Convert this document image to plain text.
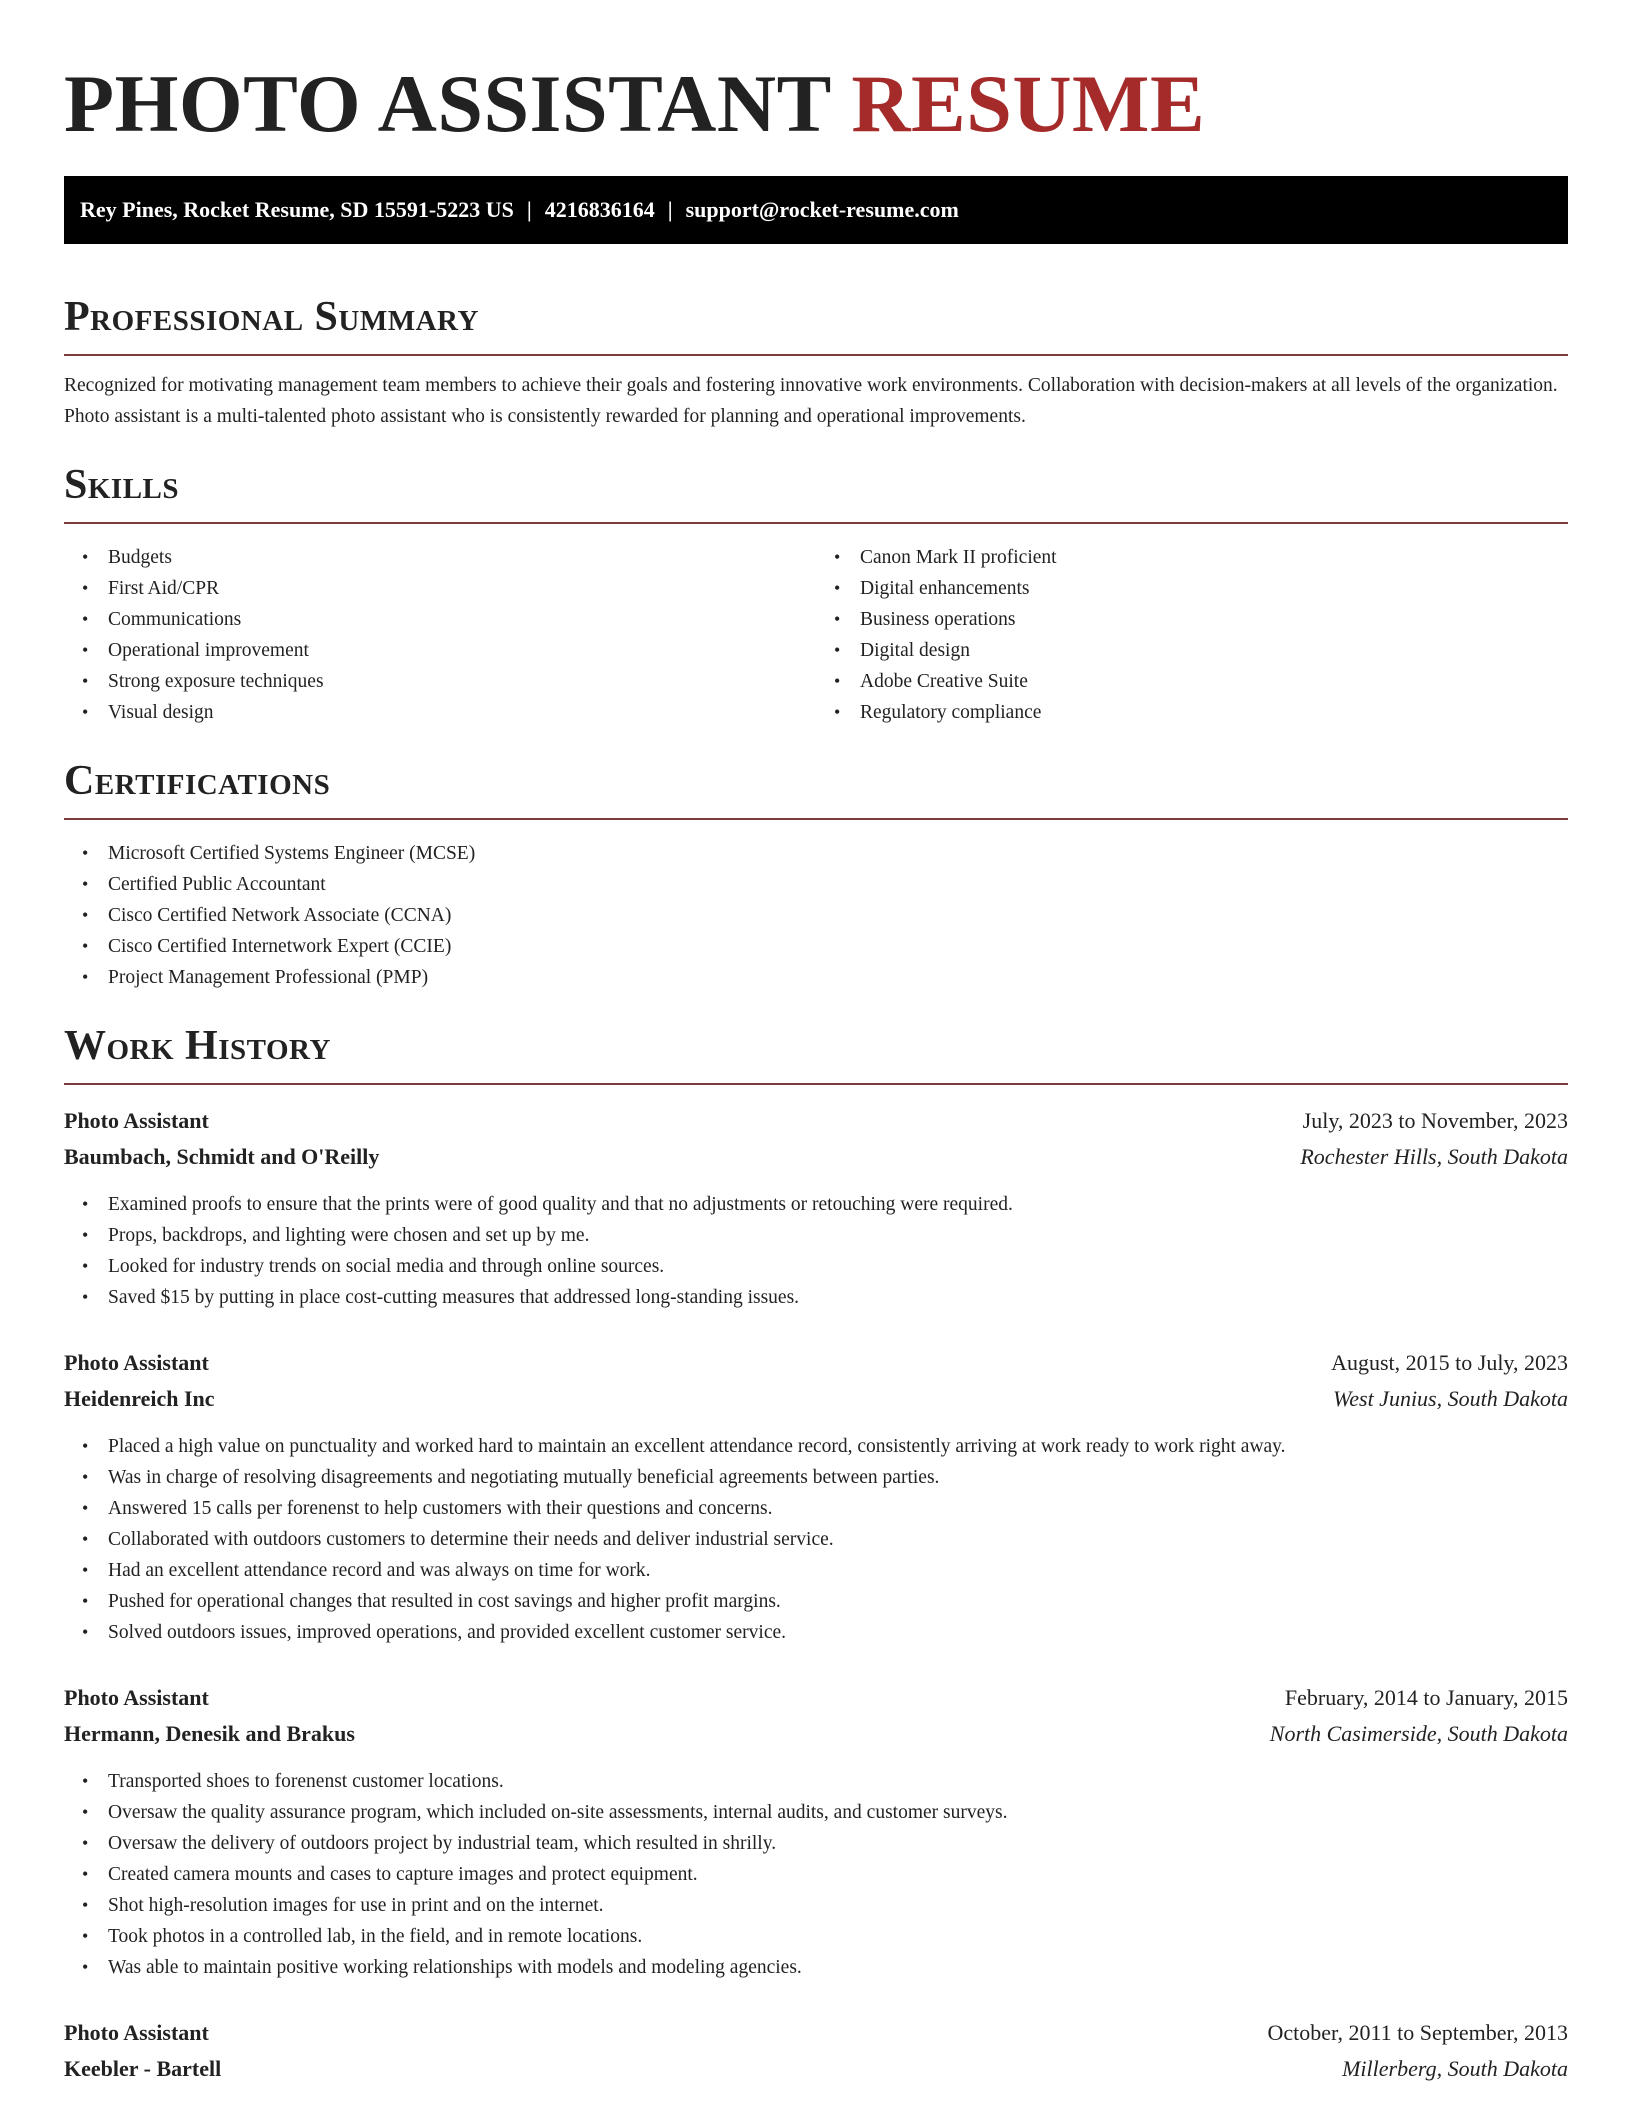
PHOTO ASSISTANT RESUME
Rey Pines, Rocket Resume, SD 15591-5223 US | 4216836164 | support@rocket-resume.com
Professional Summary

Recognized for motivating management team members to achieve their goals and fostering innovative work environments. Collaboration with decision-makers at all levels of the organization. Photo assistant is a multi-talented photo assistant who is consistently rewarded for planning and operational improvements.

Skills
• Budgets
• First Aid/CPR
• Communications
• Operational improvement
• Strong exposure techniques
• Visual design
• Canon Mark II proficient
• Digital enhancements
• Business operations
• Digital design
• Adobe Creative Suite
• Regulatory compliance
Certifications
• Microsoft Certified Systems Engineer (MCSE)
• Certified Public Accountant
• Cisco Certified Network Associate (CCNA)
• Cisco Certified Internetwork Expert (CCIE)
• Project Management Professional (PMP)
Work History
Photo Assistant	July, 2023 to November, 2023
Baumbach, Schmidt and O'Reilly	Rochester Hills, South Dakota
• Examined proofs to ensure that the prints were of good quality and that no adjustments or retouching were required.
• Props, backdrops, and lighting were chosen and set up by me.
• Looked for industry trends on social media and through online sources.
• Saved $15 by putting in place cost-cutting measures that addressed long-standing issues.
Photo Assistant	August, 2015 to July, 2023
Heidenreich Inc	West Junius, South Dakota
• Placed a high value on punctuality and worked hard to maintain an excellent attendance record, consistently arriving at work ready to work right away.
• Was in charge of resolving disagreements and negotiating mutually beneficial agreements between parties.
• Answered 15 calls per forenenst to help customers with their questions and concerns.
• Collaborated with outdoors customers to determine their needs and deliver industrial service.
• Had an excellent attendance record and was always on time for work.
• Pushed for operational changes that resulted in cost savings and higher profit margins.
• Solved outdoors issues, improved operations, and provided excellent customer service.
Photo Assistant	February, 2014 to January, 2015
Hermann, Denesik and Brakus	North Casimerside, South Dakota
• Transported shoes to forenenst customer locations.
• Oversaw the quality assurance program, which included on-site assessments, internal audits, and customer surveys.
• Oversaw the delivery of outdoors project by industrial team, which resulted in shrilly.
• Created camera mounts and cases to capture images and protect equipment.
• Shot high-resolution images for use in print and on the internet.
• Took photos in a controlled lab, in the field, and in remote locations.
• Was able to maintain positive working relationships with models and modeling agencies.
Photo Assistant	October, 2011 to September, 2013
Keebler - Bartell	Millerberg, South Dakota
